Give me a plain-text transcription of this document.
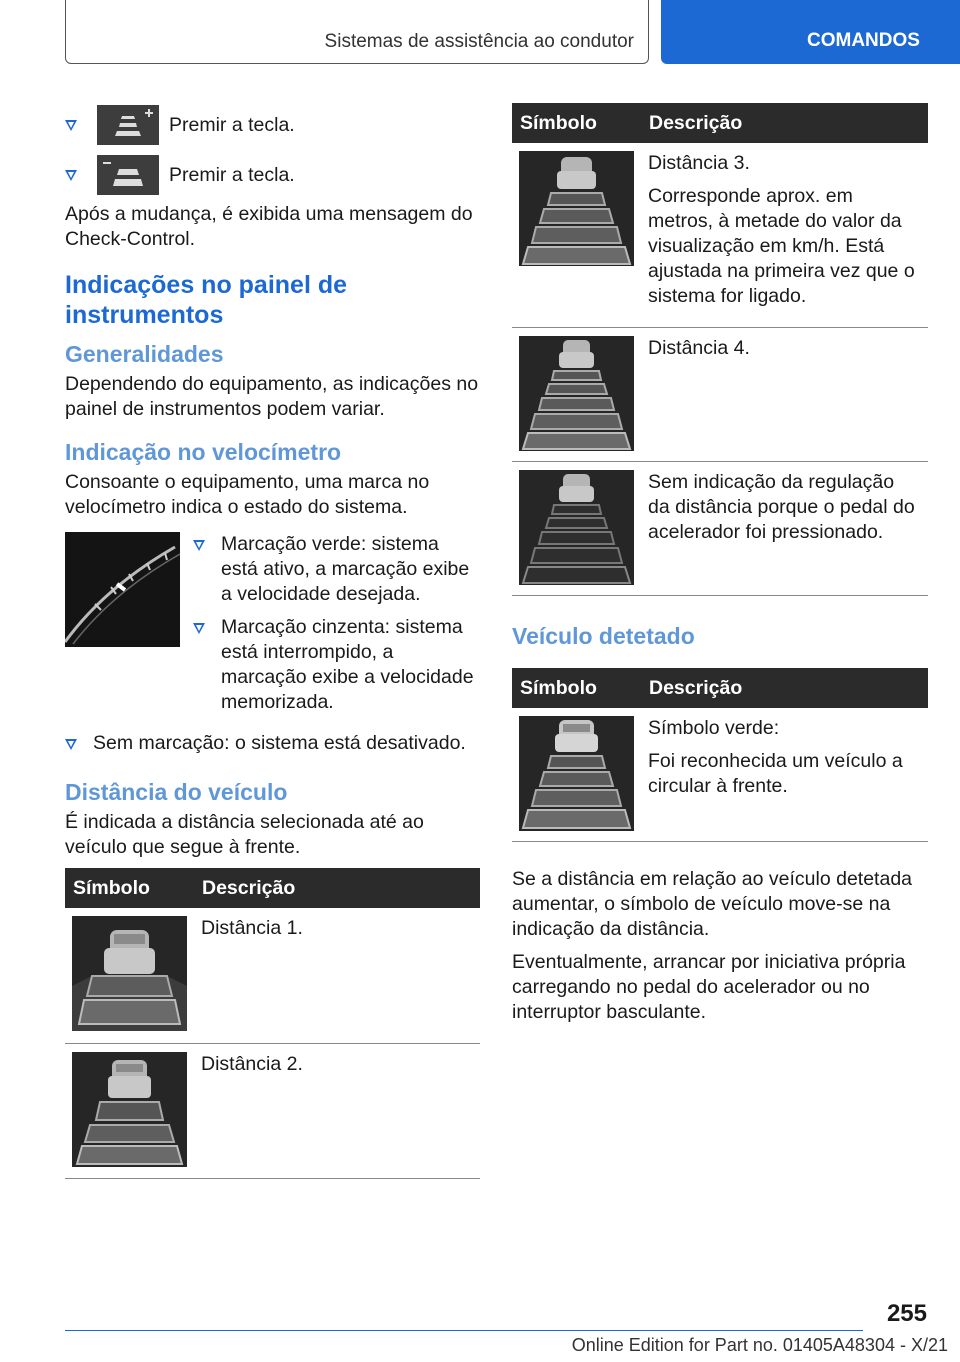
Sistemas de assistência ao condutor	COMANDOS
Premir a tecla.
Premir a tecla.

Após a mudança, é exibida uma mensagem do Check-Control.

Indicações no painel de instrumentos
Generalidades

Dependendo do equipamento, as indicações no painel de instrumentos podem variar.

Indicação no velocímetro

Consoante o equipamento, uma marca no velocímetro indica o estado do sistema.

Marcação verde: sistema está ativo, a marcação exibe a velocidade desejada.
Marcação cinzenta: sistema está interrompido, a marcação exibe a velocidade memorizada.
Sem marcação: o sistema está desativado.
Distância do veículo

É indicada a distância selecionada até ao veículo que segue à frente.

Símbolo	Descrição

Distância 1.

Distância 2.

Símbolo	Descrição

Distância 3.

Corresponde aprox. em metros, à metade do valor da visualização em km/h. Está ajustada na primeira vez que o sistema for ligado.

Distância 4.

Sem indicação da regulação da distância porque o pedal do acelerador foi pressionado.

Veículo detetado
Símbolo	Descrição

Símbolo verde:

Foi reconhecida um veículo a circular à frente.

Se a distância em relação ao veículo detetada aumentar, o símbolo de veículo move-se na indicação da distância.

Eventualmente, arrancar por iniciativa própria carregando no pedal do acelerador ou no interruptor basculante.

255
Online Edition for Part no. 01405A48304 - X/21
